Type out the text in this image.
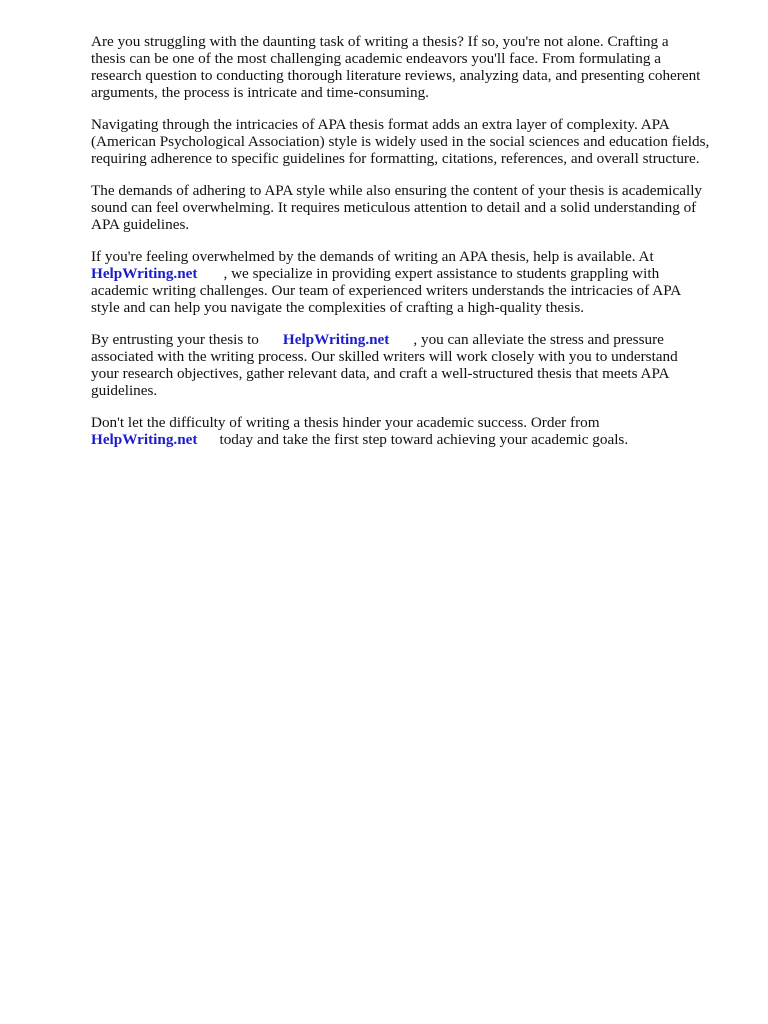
Are you struggling with the daunting task of writing a thesis? If so, you're not alone. Crafting a
thesis can be one of the most challenging academic endeavors you'll face. From formulating a
research question to conducting thorough literature reviews, analyzing data, and presenting coherent
arguments, the process is intricate and time-consuming.

Navigating through the intricacies of APA thesis format adds an extra layer of complexity. APA
(American Psychological Association) style is widely used in the social sciences and education fields,
requiring adherence to specific guidelines for formatting, citations, references, and overall structure.

The demands of adhering to APA style while also ensuring the content of your thesis is academically
sound can feel overwhelming. It requires meticulous attention to detail and a solid understanding of
APA guidelines.

If you're feeling overwhelmed by the demands of writing an APA thesis, help is available. At
HelpWriting.net , we specialize in providing expert assistance to students grappling with
academic writing challenges. Our team of experienced writers understands the intricacies of APA
style and can help you navigate the complexities of crafting a high-quality thesis.

By entrusting your thesis to HelpWriting.net , you can alleviate the stress and pressure
associated with the writing process. Our skilled writers will work closely with you to understand
your research objectives, gather relevant data, and craft a well-structured thesis that meets APA
guidelines.

Don't let the difficulty of writing a thesis hinder your academic success. Order from
HelpWriting.net today and take the first step toward achieving your academic goals.
